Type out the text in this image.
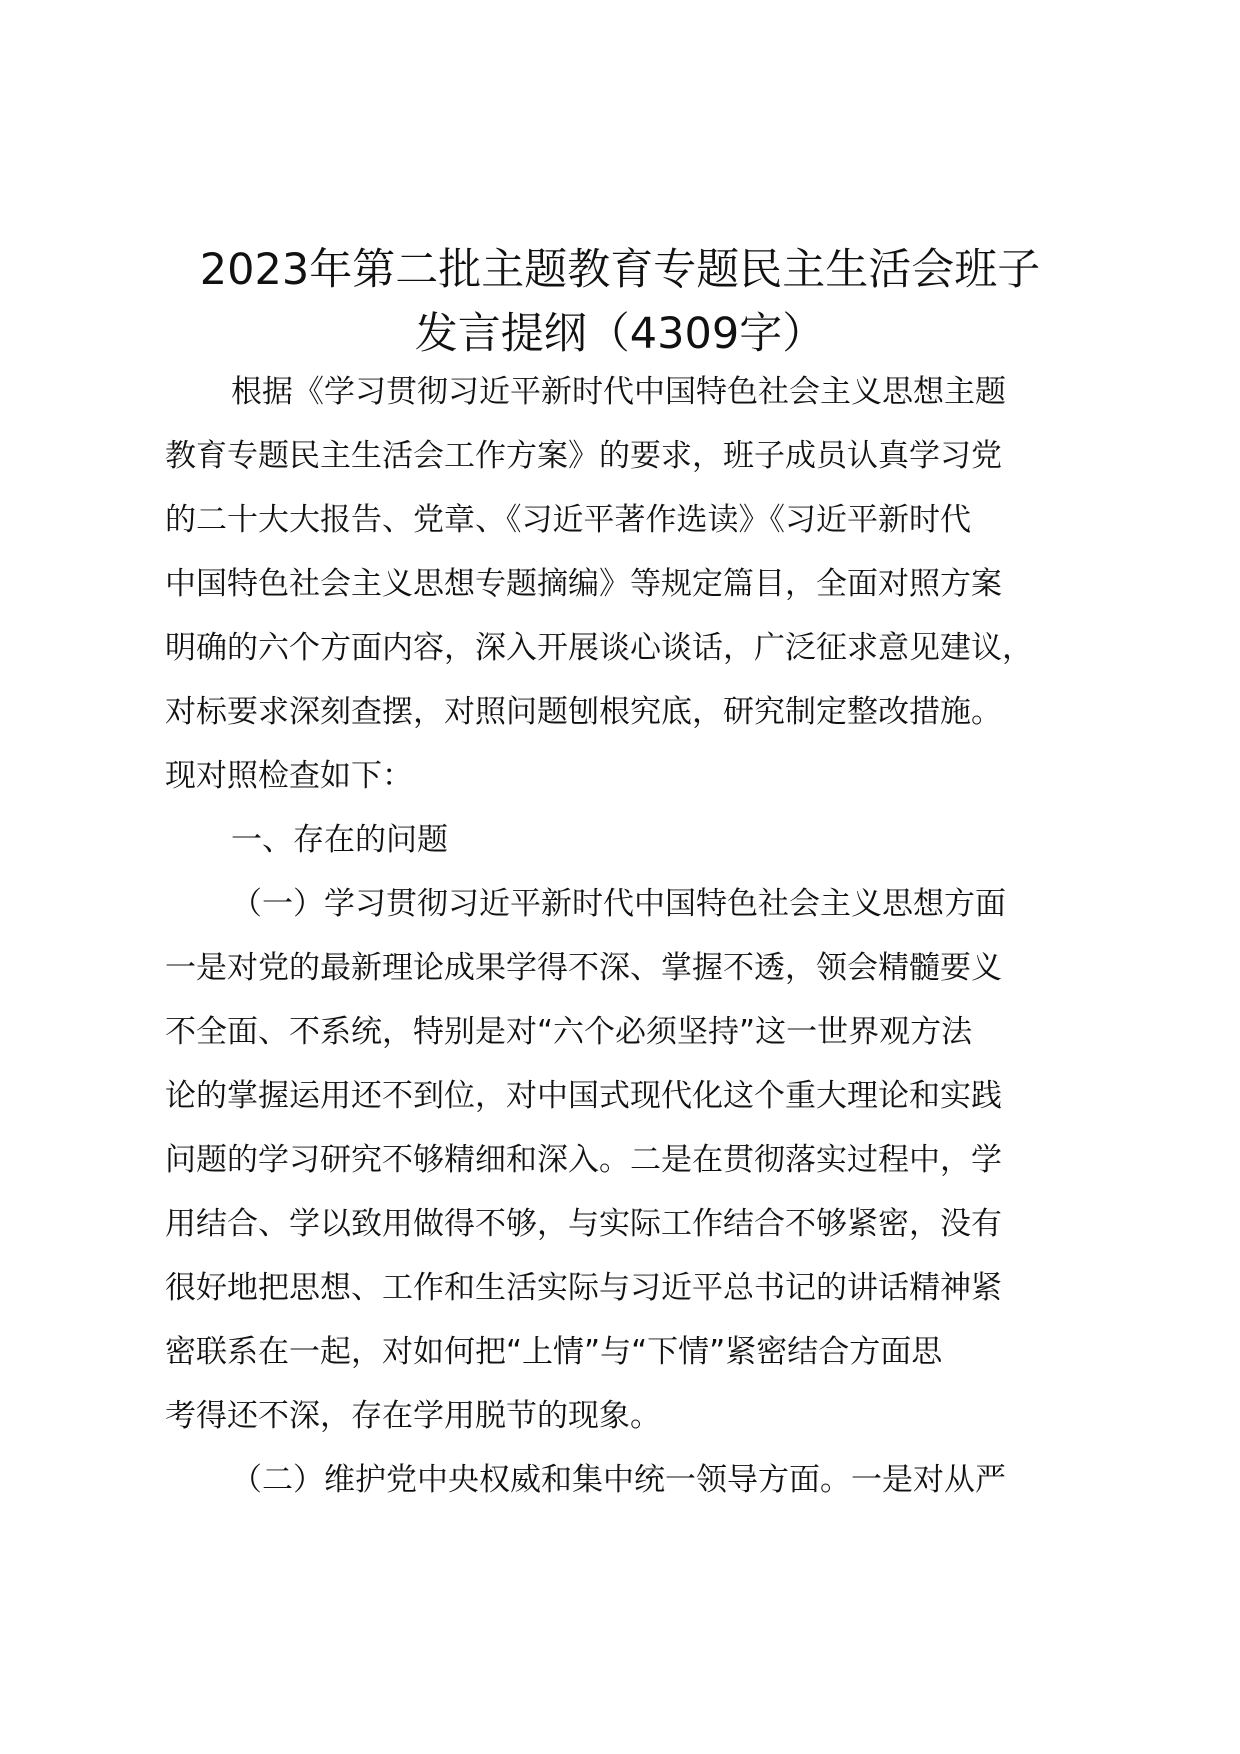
2023年第二批主题教育专题民主生活会班子
发言提纲（4309字）
根据《学习贯彻习近平新时代中国特色社会主义思想主题
教育专题民主生活会工作方案》的要求，班子成员认真学习党
的二十大大报告、党章、《习近平著作选读》《习近平新时代
中国特色社会主义思想专题摘编》等规定篇目，全面对照方案
明确的六个方面内容，深入开展谈心谈话，广泛征求意见建议，
对标要求深刻查摆，对照问题刨根究底，研究制定整改措施。
现对照检查如下：
一、存在的问题
（一）学习贯彻习近平新时代中国特色社会主义思想方面
一是对党的最新理论成果学得不深、掌握不透，领会精髓要义
不全面、不系统，特别是对“六个必须坚持”这一世界观方法
论的掌握运用还不到位，对中国式现代化这个重大理论和实践
问题的学习研究不够精细和深入。二是在贯彻落实过程中，学
用结合、学以致用做得不够，与实际工作结合不够紧密，没有
很好地把思想、工作和生活实际与习近平总书记的讲话精神紧
密联系在一起，对如何把“上情”与“下情”紧密结合方面思
考得还不深，存在学用脱节的现象。
（二）维护党中央权威和集中统一领导方面。一是对从严
